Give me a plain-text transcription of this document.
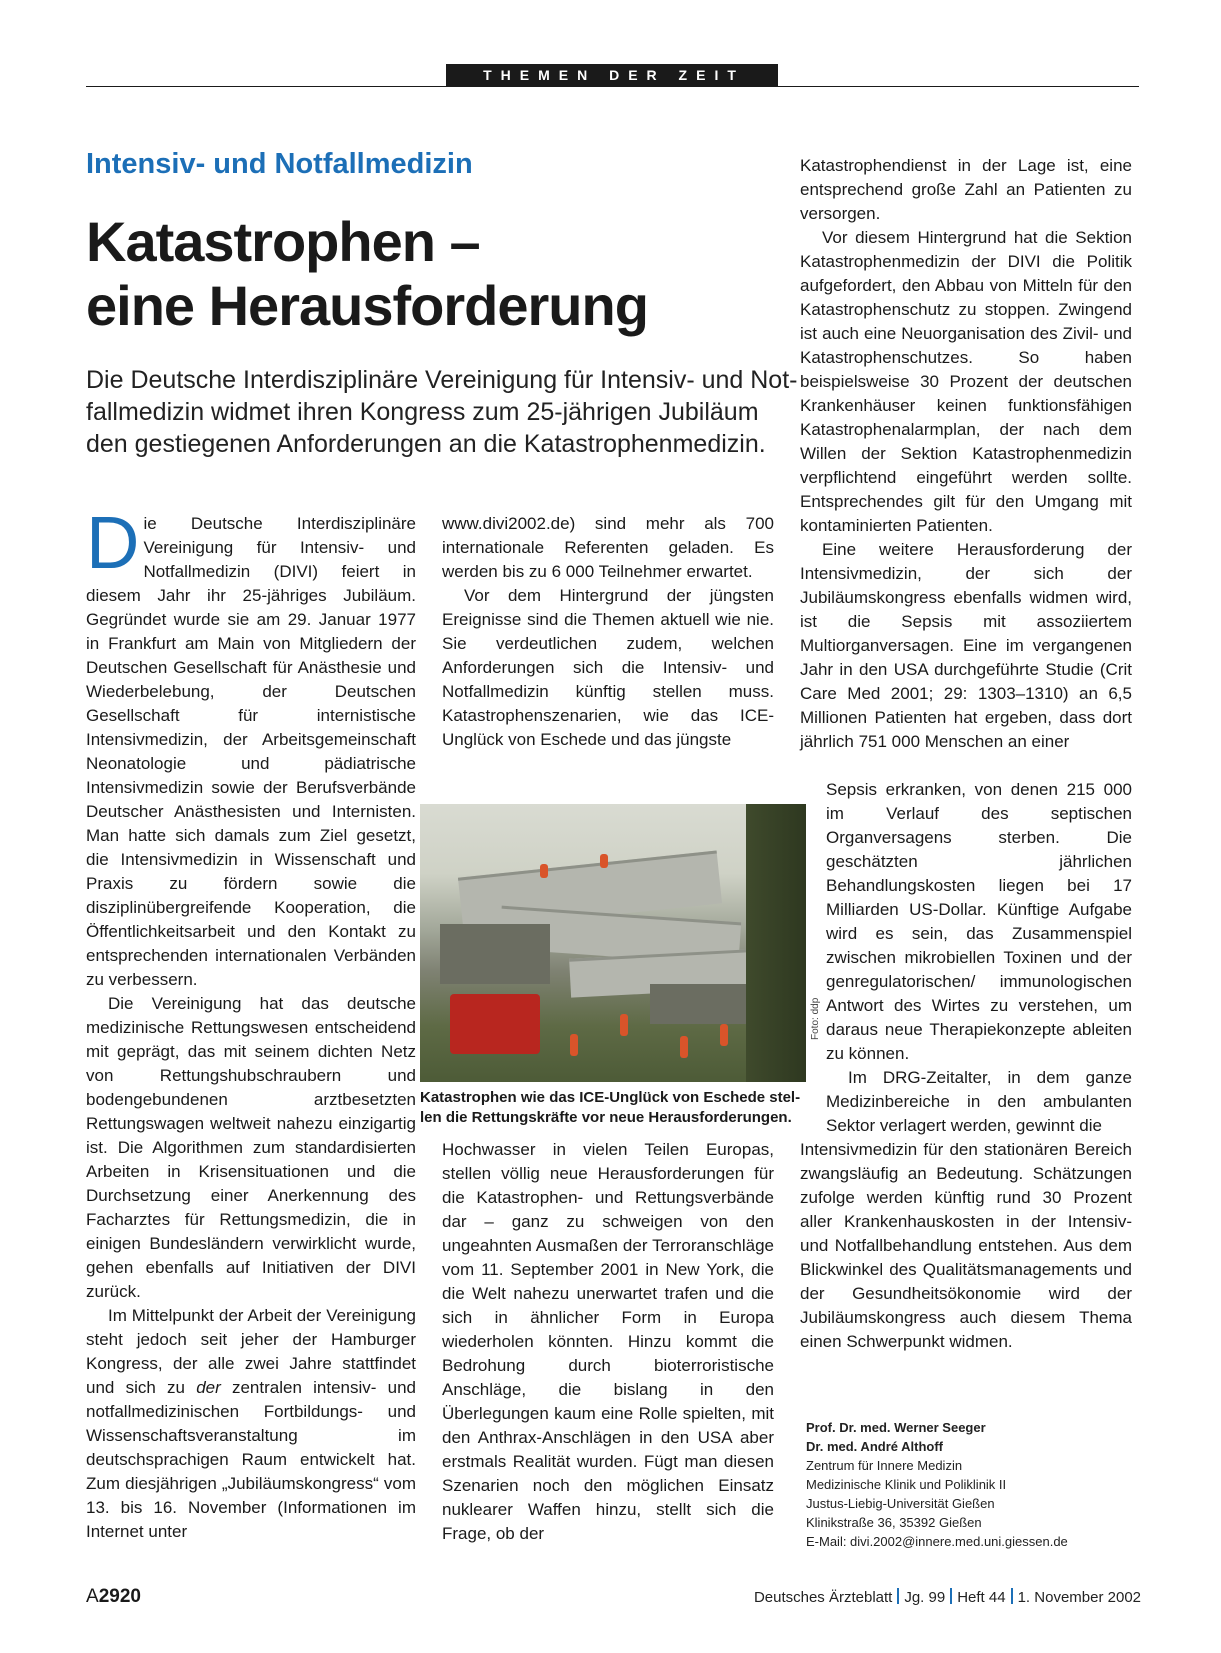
THEMEN DER ZEIT
Intensiv- und Notfallmedizin
Katastrophen –
eine Herausforderung
Die Deutsche Interdisziplinäre Vereinigung für Intensiv- und Not-
fallmedizin widmet ihren Kongress zum 25-jährigen Jubiläum
den gestiegenen Anforderungen an die Katastrophenmedizin.

Die Deutsche Interdisziplinäre Vereinigung für Intensiv- und Notfallmedizin (DIVI) feiert in diesem Jahr ihr 25-jähriges Jubiläum. Gegründet wurde sie am 29. Januar 1977 in Frankfurt am Main von Mitgliedern der Deutschen Gesellschaft für Anästhesie und Wiederbelebung, der Deutschen Gesellschaft für internistische Intensivmedizin, der Arbeitsgemeinschaft Neonatologie und pädiatrische Intensivmedizin sowie der Berufsverbände Deutscher Anästhesisten und Internisten. Man hatte sich damals zum Ziel gesetzt, die Intensivmedizin in Wissenschaft und Praxis zu fördern sowie die disziplinübergreifende Kooperation, die Öffentlichkeitsarbeit und den Kontakt zu entsprechenden internationalen Verbänden zu verbessern.

Die Vereinigung hat das deutsche medizinische Rettungswesen entscheidend mit geprägt, das mit seinem dichten Netz von Rettungshubschraubern und bodengebundenen arztbesetzten Rettungswagen weltweit nahezu einzigartig ist. Die Algorithmen zum standardisierten Arbeiten in Krisensituationen und die Durchsetzung einer Anerkennung des Facharztes für Rettungsmedizin, die in einigen Bundesländern verwirklicht wurde, gehen ebenfalls auf Initiativen der DIVI zurück.

Im Mittelpunkt der Arbeit der Vereinigung steht jedoch seit jeher der Hamburger Kongress, der alle zwei Jahre stattfindet und sich zu der zentralen intensiv- und notfallmedizinischen Fortbildungs- und Wissenschaftsveranstaltung im deutschsprachigen Raum entwickelt hat. Zum diesjährigen „Jubiläumskongress“ vom 13. bis 16. November (Informationen im Internet unter

www.divi2002.de) sind mehr als 700 internationale Referenten geladen. Es werden bis zu 6 000 Teilnehmer erwartet.

Vor dem Hintergrund der jüngsten Ereignisse sind die Themen aktuell wie nie. Sie verdeutlichen zudem, welchen Anforderungen sich die Intensiv- und Notfallmedizin künftig stellen muss. Katastrophenszenarien, wie das ICE-Unglück von Eschede und das jüngste

Foto: ddp
Katastrophen wie das ICE-Unglück von Eschede stel-
len die Rettungskräfte vor neue Herausforderungen.

Hochwasser in vielen Teilen Europas, stellen völlig neue Herausforderungen für die Katastrophen- und Rettungsverbände dar – ganz zu schweigen von den ungeahnten Ausmaßen der Terroranschläge vom 11. September 2001 in New York, die die Welt nahezu unerwartet trafen und die sich in ähnlicher Form in Europa wiederholen könnten. Hinzu kommt die Bedrohung durch bioterroristische Anschläge, die bislang in den Überlegungen kaum eine Rolle spielten, mit den Anthrax-Anschlägen in den USA aber erstmals Realität wurden. Fügt man diesen Szenarien noch den möglichen Einsatz nuklearer Waffen hinzu, stellt sich die Frage, ob der

Katastrophendienst in der Lage ist, eine entsprechend große Zahl an Patienten zu versorgen.

Vor diesem Hintergrund hat die Sektion Katastrophenmedizin der DIVI die Politik aufgefordert, den Abbau von Mitteln für den Katastrophenschutz zu stoppen. Zwingend ist auch eine Neuorganisation des Zivil- und Katastrophenschutzes. So haben beispielsweise 30 Prozent der deutschen Krankenhäuser keinen funktionsfähigen Katastrophenalarmplan, der nach dem Willen der Sektion Katastrophenmedizin verpflichtend eingeführt werden sollte. Entsprechendes gilt für den Umgang mit kontaminierten Patienten.

Eine weitere Herausforderung der Intensivmedizin, der sich der Jubiläumskongress ebenfalls widmen wird, ist die Sepsis mit assoziiertem Multiorganversagen. Eine im vergangenen Jahr in den USA durchgeführte Studie (Crit Care Med 2001; 29: 1303–1310) an 6,5 Millionen Patienten hat ergeben, dass dort jährlich 751 000 Menschen an einer

Sepsis erkranken, von denen 215 000 im Verlauf des septischen Organversagens sterben. Die geschätzten jährlichen Behandlungskosten liegen bei 17 Milliarden US-Dollar. Künftige Aufgabe wird es sein, das Zusammenspiel zwischen mikrobiellen Toxinen und der genregulatorischen/ immunologischen Antwort des Wirtes zu verstehen, um daraus neue Therapiekonzepte ableiten zu können.

Im DRG-Zeitalter, in dem ganze Medizinbereiche in den ambulanten Sektor verlagert werden, gewinnt die

Intensivmedizin für den stationären Bereich zwangsläufig an Bedeutung. Schätzungen zufolge werden künftig rund 30 Prozent aller Krankenhauskosten in der Intensiv- und Notfallbehandlung entstehen. Aus dem Blickwinkel des Qualitätsmanagements und der Gesundheitsökonomie wird der Jubiläumskongress auch diesem Thema einen Schwerpunkt widmen.

Prof. Dr. med. Werner Seeger
Dr. med. André Althoff
Zentrum für Innere Medizin
Medizinische Klinik und Poliklinik II
Justus-Liebig-Universität Gießen
Klinikstraße 36, 35392 Gießen
E-Mail: divi.2002@innere.med.uni.giessen.de
A2920	Deutsches Ärzteblatt Jg. 99 Heft 44 1. November 2002
